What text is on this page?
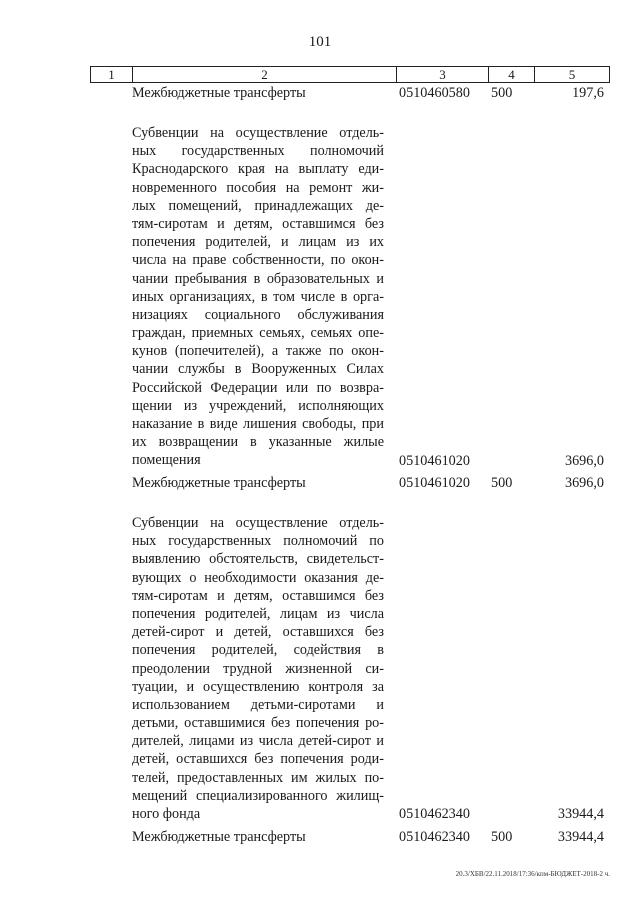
101
1	2	3	4	5
Межбюджетные трансферты	0510460580 500	197,6
Субвенции на осуществление отдель-
ных государственных полномочий
Краснодарского края на выплату еди-
новременного пособия на ремонт жи-
лых помещений, принадлежащих де-
тям-сиротам и детям, оставшимся без
попечения родителей, и лицам из их
числа на праве собственности, по окон-
чании пребывания в образовательных и
иных организациях, в том числе в орга-
низациях социального обслуживания
граждан, приемных семьях, семьях опе-
кунов (попечителей), а также по окон-
чании службы в Вооруженных Силах
Российской Федерации или по возвра-
щении из учреждений, исполняющих
наказание в виде лишения свободы, при
их возвращении в указанные жилые
помещения	0510461020	3696,0
Межбюджетные трансферты	0510461020 500	3696,0
Субвенции на осуществление отдель-
ных государственных полномочий по
выявлению обстоятельств, свидетельст-
вующих о необходимости оказания де-
тям-сиротам и детям, оставшимся без
попечения родителей, лицам из числа
детей-сирот и детей, оставшихся без
попечения родителей, содействия в
преодолении трудной жизненной си-
туации, и осуществлению контроля за
использованием детьми-сиротами и
детьми, оставшимися без попечения ро-
дителей, лицами из числа детей-сирот и
детей, оставшихся без попечения роди-
телей, предоставленных им жилых по-
мещений специализированного жилищ-
ного фонда	0510462340	33944,4
Межбюджетные трансферты	0510462340 500	33944,4
20.3/ХБВ/22.11.2018/17:36/кпм-БЮДЖЕТ-2018-2 ч.
